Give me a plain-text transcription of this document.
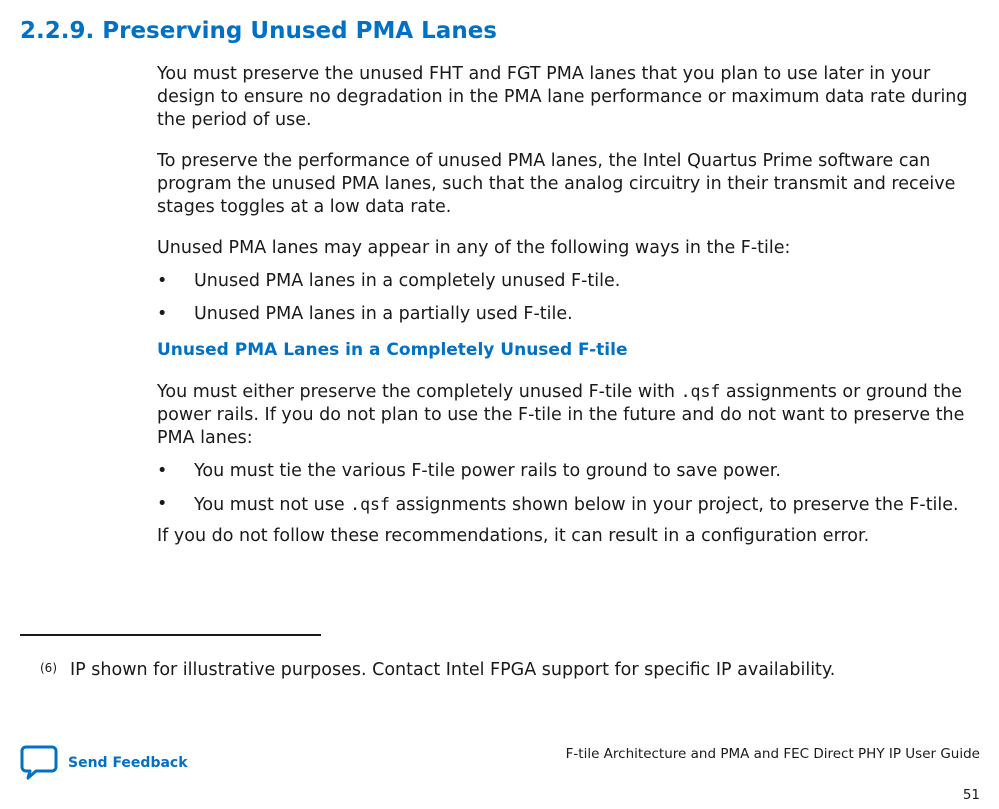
2.2.9. Preserving Unused PMA Lanes

You must preserve the unused FHT and FGT PMA lanes that you plan to use later in your design to ensure no degradation in the PMA lane performance or maximum data rate during the period of use.

To preserve the performance of unused PMA lanes, the Intel Quartus Prime software can program the unused PMA lanes, such that the analog circuitry in their transmit and receive stages toggles at a low data rate.

Unused PMA lanes may appear in any of the following ways in the F-tile:

• Unused PMA lanes in a completely unused F-tile.
• Unused PMA lanes in a partially used F-tile.
Unused PMA Lanes in a Completely Unused F-tile

You must either preserve the completely unused F-tile with .qsf assignments or ground the power rails. If you do not plan to use the F-tile in the future and do not want to preserve the PMA lanes:

• You must tie the various F-tile power rails to ground to save power.
• You must not use .qsf assignments shown below in your project, to preserve the F-tile.

If you do not follow these recommendations, it can result in a configuration error.

$^{(6)}$ IP shown for illustrative purposes. Contact Intel FPGA support for specific IP availability.
Send Feedback
F-tile Architecture and PMA and FEC Direct PHY IP User Guide
51
